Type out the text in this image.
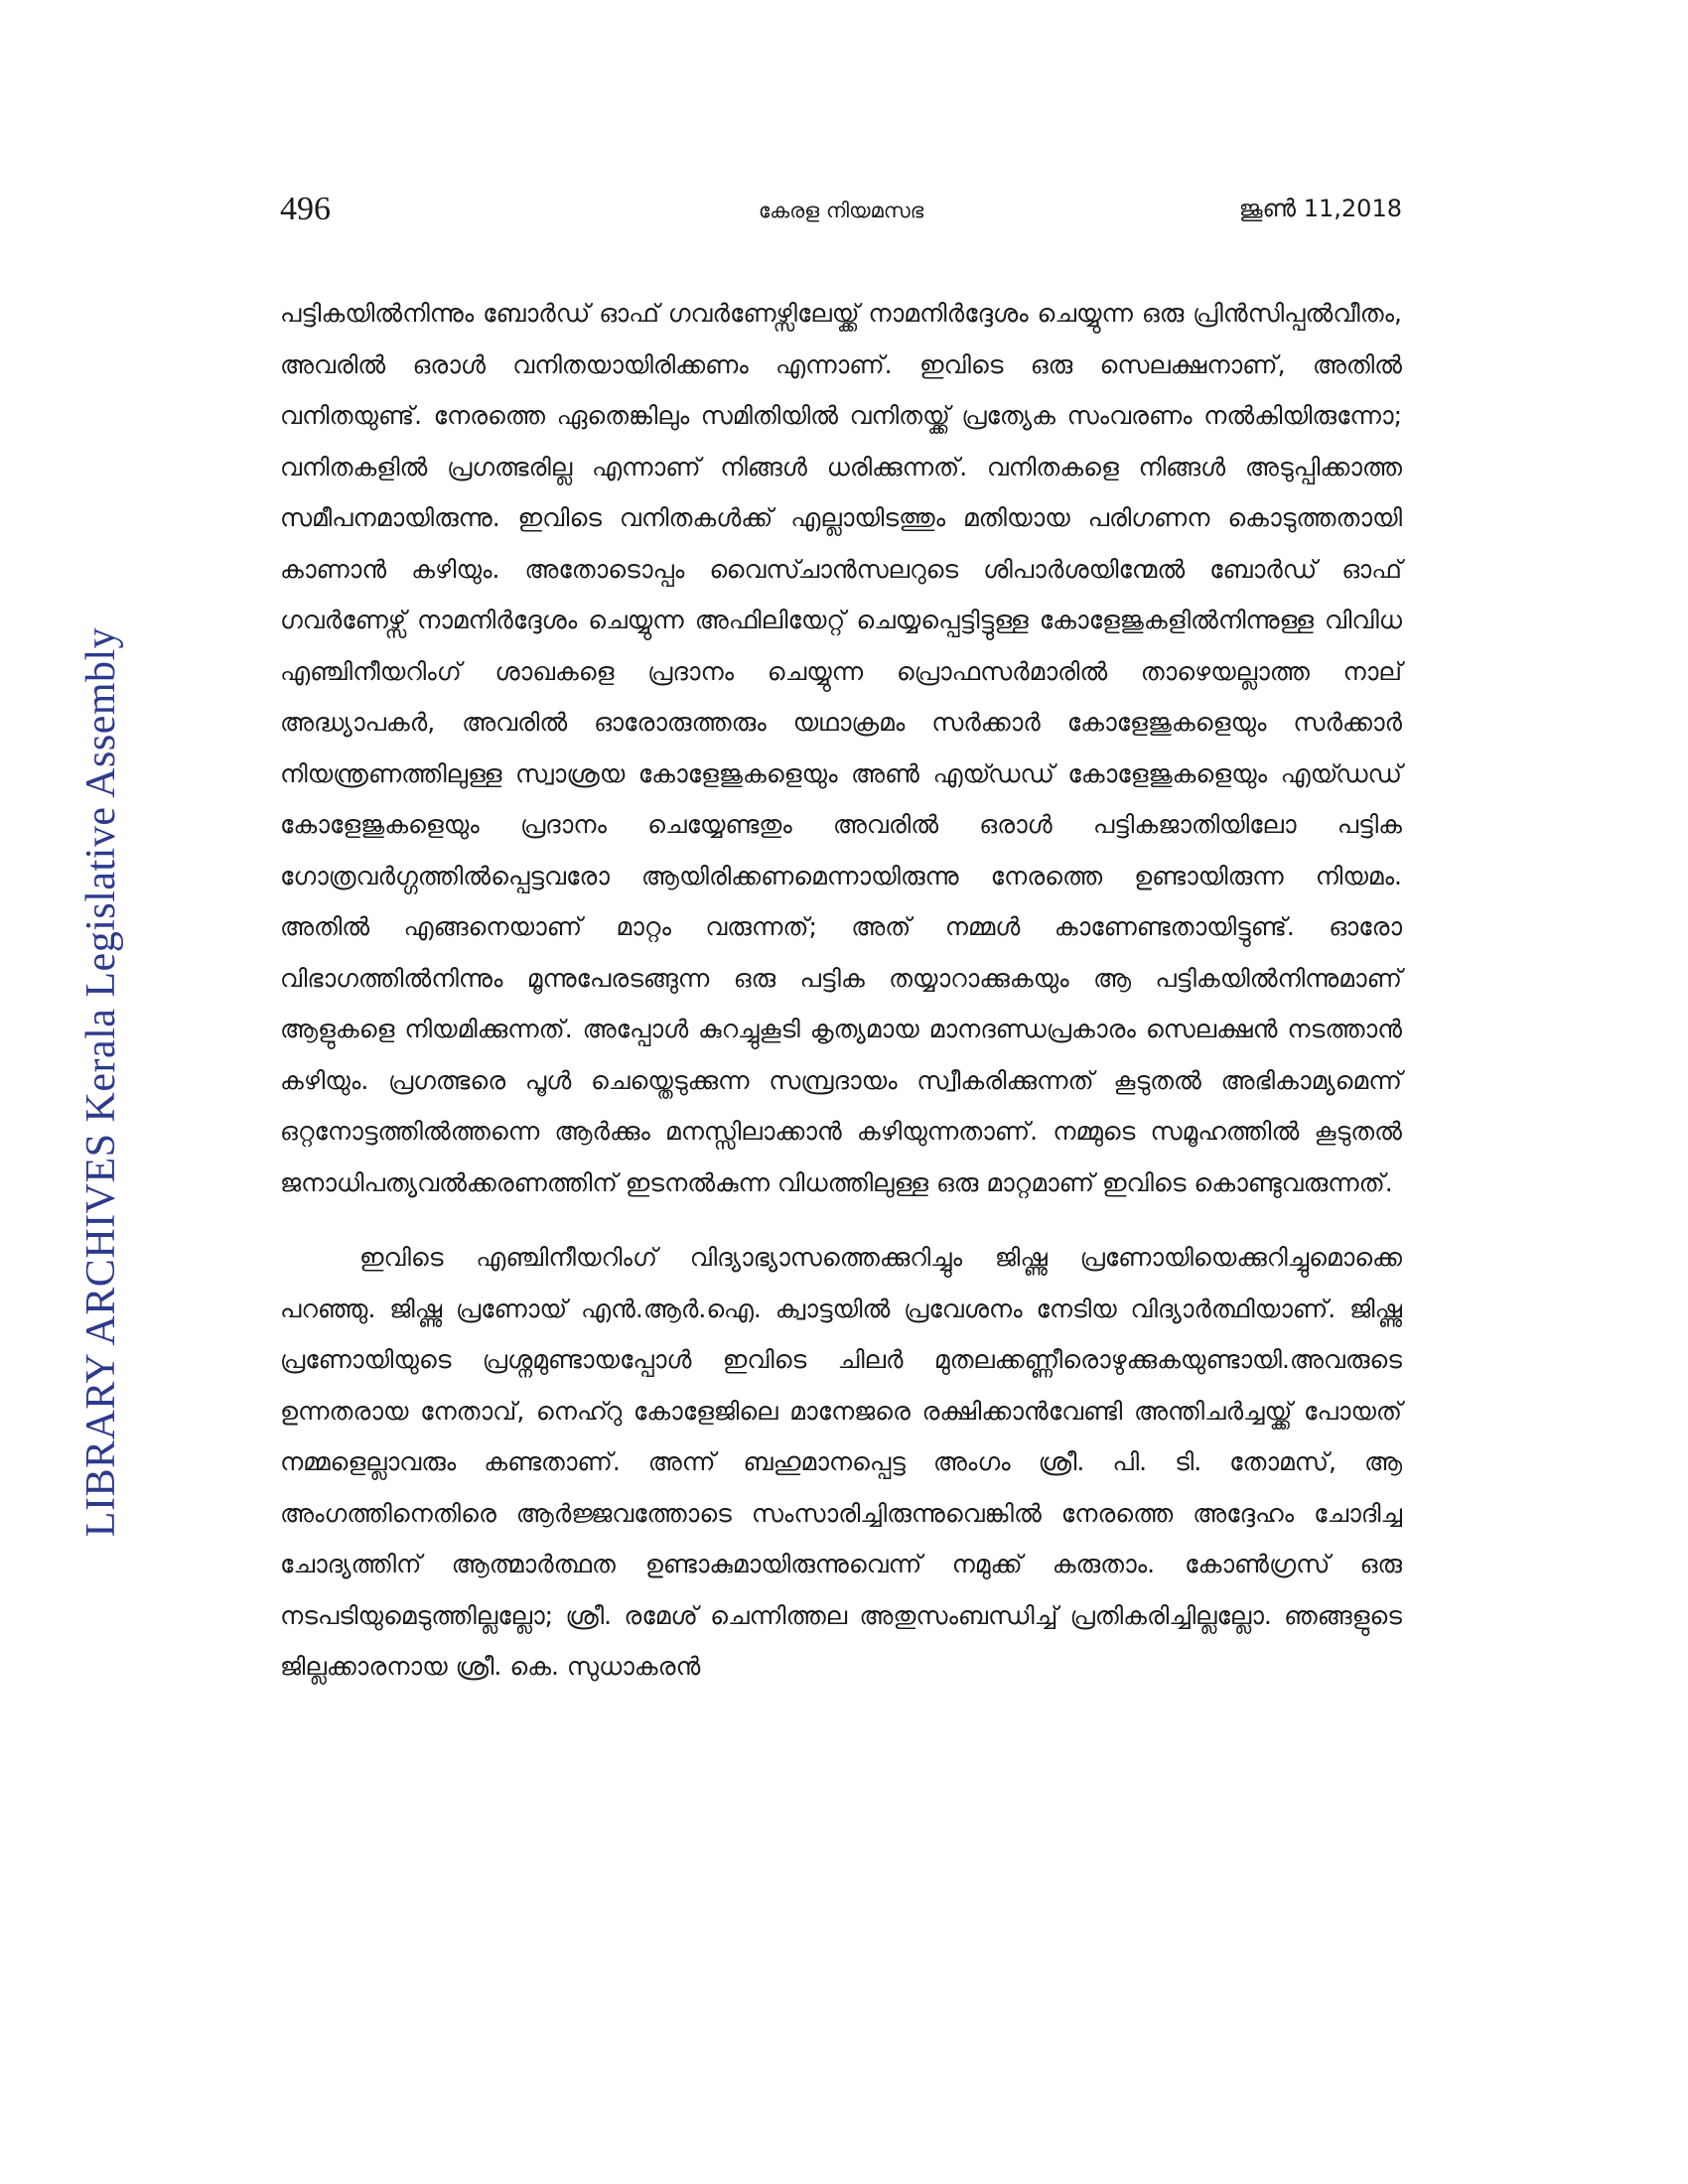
LIBRARY ARCHIVES Kerala Legislative Assembly
496	കേരള നിയമസഭ	ജൂൺ 11,2018

പട്ടികയിൽനിന്നും ബോർഡ് ഓഫ് ഗവർണേഴ്സിലേയ്ക്ക് നാമനിർദ്ദേശം ചെയ്യുന്ന ഒരു പ്രിൻസിപ്പൽവീതം, അവരിൽ ഒരാൾ വനിതയായിരിക്കണം എന്നാണ്. ഇവിടെ ഒരു സെലക്ഷനാണ്, അതിൽ വനിതയുണ്ട്. നേരത്തെ ഏതെങ്കിലും സമിതിയിൽ വനിതയ്ക്ക് പ്രത്യേക സംവരണം നൽകിയിരുന്നോ; വനിതകളിൽ പ്രഗത്ഭരില്ല എന്നാണ് നിങ്ങൾ ധരിക്കുന്നത്. വനിതകളെ നിങ്ങൾ അടുപ്പിക്കാത്ത സമീപനമായിരുന്നു. ഇവിടെ വനിതകൾക്ക് എല്ലായിടത്തും മതിയായ പരിഗണന കൊടുത്തതായി കാണാൻ കഴിയും. അതോടൊപ്പം വൈസ്ചാൻസലറുടെ ശിപാർശയിന്മേൽ ബോർഡ് ഓഫ് ഗവർണേഴ്സ് നാമനിർദ്ദേശം ചെയ്യുന്ന അഫിലിയേറ്റ് ചെയ്യപ്പെട്ടിട്ടുള്ള കോളേജുകളിൽനിന്നുള്ള വിവിധ എഞ്ചിനീയറിംഗ് ശാഖകളെ പ്രദാനം ചെയ്യുന്ന പ്രൊഫസർമാരിൽ താഴെയല്ലാത്ത നാല് അദ്ധ്യാപകർ, അവരിൽ ഓരോരുത്തരും യഥാക്രമം സർക്കാർ കോളേജുകളെയും സർക്കാർ നിയന്ത്രണത്തിലുള്ള സ്വാശ്രയ കോളേജുകളെയും അൺ എയ്ഡഡ് കോളേജുകളെയും എയ്ഡഡ് കോളേജുകളെയും പ്രദാനം ചെയ്യേണ്ടതും അവരിൽ ഒരാൾ പട്ടികജാതിയിലോ പട്ടിക ഗോത്രവർഗ്ഗത്തിൽപ്പെട്ടവരോ ആയിരിക്കണമെന്നായിരുന്നു നേരത്തെ ഉണ്ടായിരുന്ന നിയമം. അതിൽ എങ്ങനെയാണ് മാറ്റം വരുന്നത്; അത് നമ്മൾ കാണേണ്ടതായിട്ടുണ്ട്. ഓരോ വിഭാഗത്തിൽനിന്നും മൂന്നുപേരടങ്ങുന്ന ഒരു പട്ടിക തയ്യാറാക്കുകയും ആ പട്ടികയിൽനിന്നുമാണ് ആളുകളെ നിയമിക്കുന്നത്. അപ്പോൾ കുറച്ചുകൂടി കൃത്യമായ മാനദണ്ഡപ്രകാരം സെലക്ഷൻ നടത്താൻ കഴിയും. പ്രഗത്ഭരെ പൂൾ ചെയ്തെടുക്കുന്ന സമ്പ്രദായം സ്വീകരിക്കുന്നത് കൂടുതൽ അഭികാമ്യമെന്ന് ഒറ്റനോട്ടത്തിൽത്തന്നെ ആർക്കും മനസ്സിലാക്കാൻ കഴിയുന്നതാണ്. നമ്മുടെ സമൂഹത്തിൽ കൂടുതൽ ജനാധിപത്യവൽക്കരണത്തിന് ഇടനൽകുന്ന വിധത്തിലുള്ള ഒരു മാറ്റമാണ് ഇവിടെ കൊണ്ടുവരുന്നത്.

ഇവിടെ എഞ്ചിനീയറിംഗ് വിദ്യാഭ്യാസത്തെക്കുറിച്ചും ജിഷ്ണു പ്രണോയിയെക്കുറിച്ചുമൊക്കെ പറഞ്ഞു. ജിഷ്ണു പ്രണോയ് എൻ.ആർ.ഐ. ക്വാട്ടയിൽ പ്രവേശനം നേടിയ വിദ്യാർത്ഥിയാണ്. ജിഷ്ണു പ്രണോയിയുടെ പ്രശ്നമുണ്ടായപ്പോൾ ഇവിടെ ചിലർ മുതലക്കണ്ണീരൊഴുക്കുകയുണ്ടായി.അവരുടെ ഉന്നതരായ നേതാവ്, നെഹ്റു കോളേജിലെ മാനേജരെ രക്ഷിക്കാൻവേണ്ടി അന്തിചർച്ചയ്ക്ക് പോയത് നമ്മളെല്ലാവരും കണ്ടതാണ്. അന്ന് ബഹുമാനപ്പെട്ട അംഗം ശ്രീ. പി. ടി. തോമസ്, ആ അംഗത്തിനെതിരെ ആർജ്ജവത്തോടെ സംസാരിച്ചിരുന്നുവെങ്കിൽ നേരത്തെ അദ്ദേഹം ചോദിച്ച ചോദ്യത്തിന് ആത്മാർത്ഥത ഉണ്ടാകുമായിരുന്നുവെന്ന് നമുക്ക് കരുതാം. കോൺഗ്രസ് ഒരു നടപടിയുമെടുത്തില്ലല്ലോ; ശ്രീ. രമേശ് ചെന്നിത്തല അതുസംബന്ധിച്ച് പ്രതികരിച്ചില്ലല്ലോ. ഞങ്ങളുടെ ജില്ലക്കാരനായ ശ്രീ. കെ. സുധാകരൻ
